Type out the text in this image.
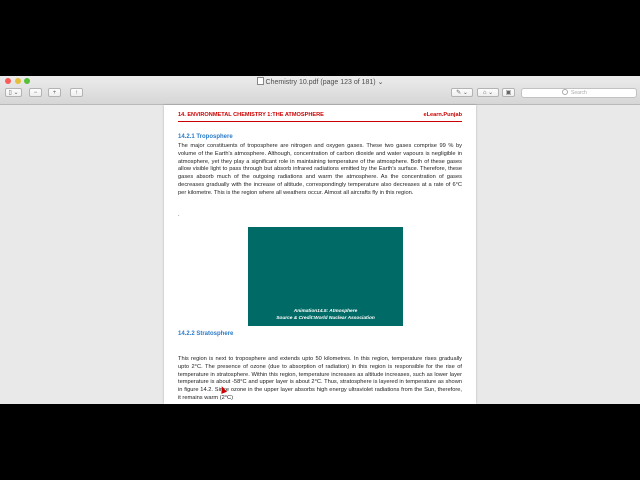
Chemistry 10.pdf (page 123 of 181) ⌄
▯ ⌄	−	+	↑	✎ ⌄	⌂ ⌄	▣	Search
14. ENVIRONMETAL CHEMISTRY 1:THE ATMOSPHERE	eLearn.Punjab
14.2.1 Troposphere
The major constituents of troposphere are nitrogen and oxygen gases. These two gases comprise 99 % by volume of the Earth's atmosphere. Although, concentration of carbon dioxide and water vapours is negligible in atmosphere, yet they play a significant role in maintaining temperature of the atmosphere. Both of these gases allow visible light to pass through but absorb infrared radiations emitted by the Earth's surface. Therefore, these gases absorb much of the outgoing radiations and warm the atmosphere. As the concentration of gases decreases gradually with the increase of altitude, correspondingly temperature also decreases at a rate of 6°C per kilometre. This is the region where all weathers occur. Almost all aircrafts fly in this region.
.
Animation14.5: Atmosphere
Source & Credit:World Nuclear Association
14.2.2 Stratosphere
This region is next to troposphere and extends upto 50 kilometres. In this region, temperature rises gradually upto 2°C. The presence of ozone (due to absorption of radiation) in this region is responsible for the rise of temperature in stratosphere. Within this region, temperature increases as altitude increases, such as lower layer temperature is about -58°C and upper layer is about 2°C. Thus, stratosphere is layered in temperature as shown in figure 14.2. Since ozone in the upper layer absorbs high energy ultraviolet radiations from the Sun, therefore, it remains warm (2°C)
